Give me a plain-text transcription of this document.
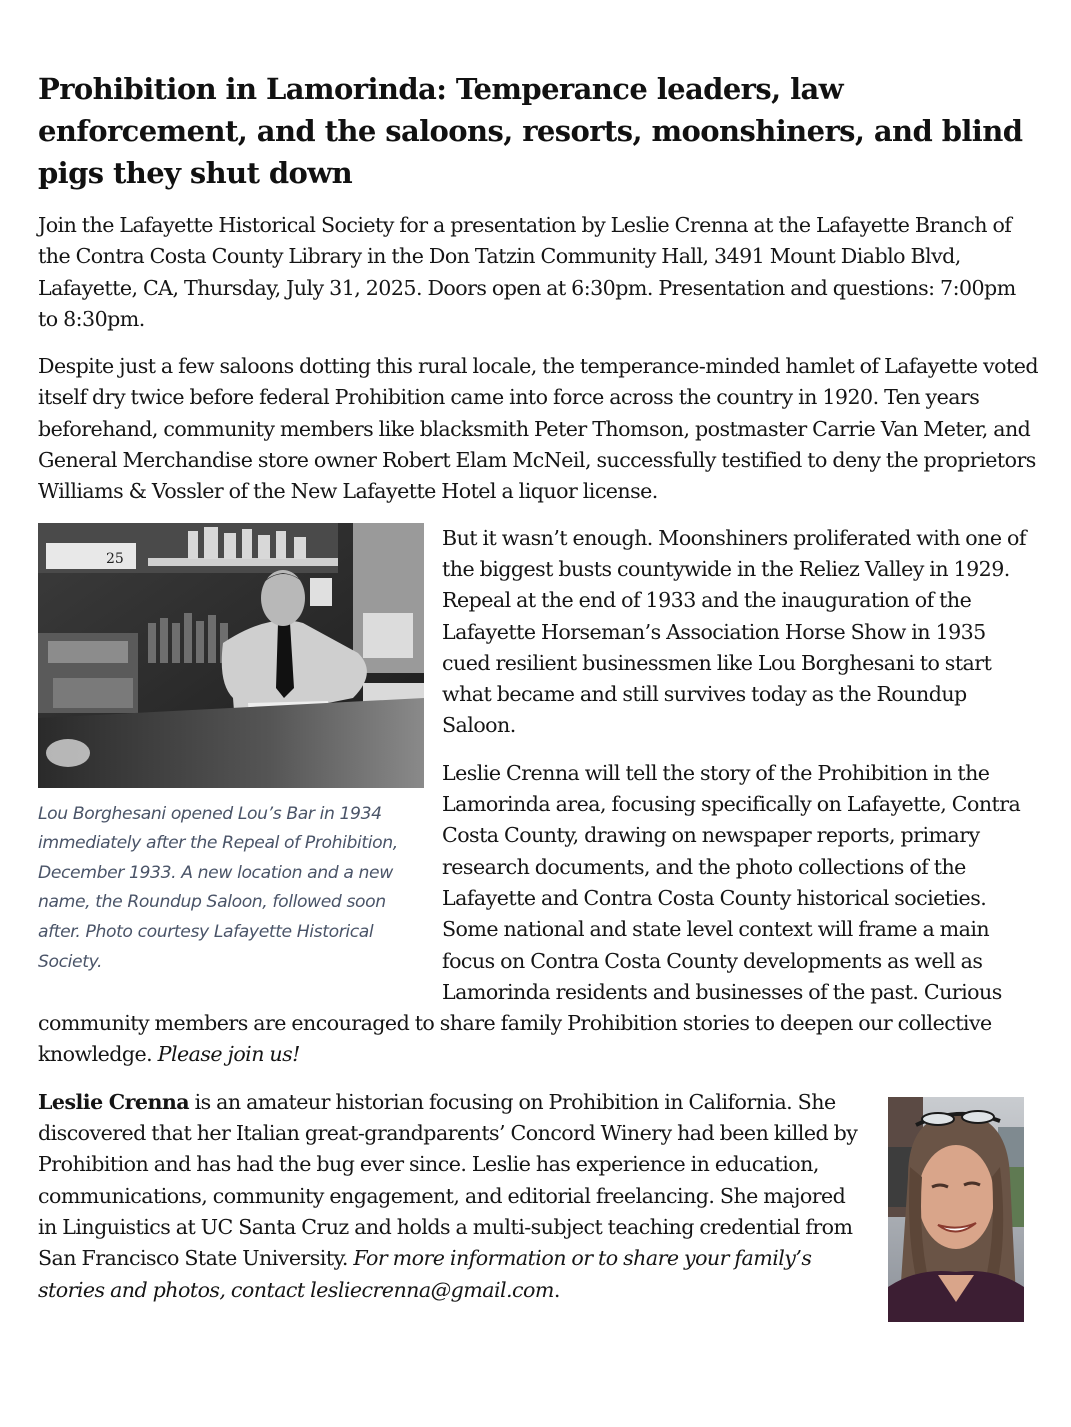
Prohibition in Lamorinda: Temperance leaders, law enforcement, and the saloons, resorts, moonshiners, and blind pigs they shut down

Join the Lafayette Historical Society for a presentation by Leslie Crenna at the Lafayette Branch of the Contra Costa County Library in the Don Tatzin Community Hall, 3491 Mount Diablo Blvd, Lafayette, CA, Thursday, July 31, 2025. Doors open at 6:30pm. Presentation and questions: 7:00pm to 8:30pm.

Despite just a few saloons dotting this rural locale, the temperance-minded hamlet of Lafayette voted itself dry twice before federal Prohibition came into force across the country in 1920. Ten years beforehand, community members like blacksmith Peter Thomson, postmaster Carrie Van Meter, and General Merchandise store owner Robert Elam McNeil, successfully testified to deny the proprietors Williams & Vossler of the New Lafayette Hotel a liquor license.

25
Lou Borghesani opened Lou’s Bar in 1934 immediately after the Repeal of Prohibition, December 1933. A new location and a new name, the Roundup Saloon, followed soon after. Photo courtesy Lafayette Historical Society.

But it wasn’t enough. Moonshiners proliferated with one of the biggest busts countywide in the Reliez Valley in 1929. Repeal at the end of 1933 and the inauguration of the Lafayette Horseman’s Association Horse Show in 1935 cued resilient businessmen like Lou Borghesani to start what became and still survives today as the Roundup Saloon.

Leslie Crenna will tell the story of the Prohibition in the Lamorinda area, focusing specifically on Lafayette, Contra Costa County, drawing on newspaper reports, primary research documents, and the photo collections of the Lafayette and Contra Costa County historical societies. Some national and state level context will frame a main focus on Contra Costa County developments as well as Lamorinda residents and businesses of the past. Curious community members are encouraged to share family Prohibition stories to deepen our collective knowledge. Please join us!

Leslie Crenna is an amateur historian focusing on Prohibition in California. She discovered that her Italian great-grandparents’ Concord Winery had been killed by Prohibition and has had the bug ever since. Leslie has experience in education, communications, community engagement, and editorial freelancing. She majored in Linguistics at UC Santa Cruz and holds a multi-subject teaching credential from San Francisco State University. For more information or to share your family’s stories and photos, contact lesliecrenna@gmail.com.
